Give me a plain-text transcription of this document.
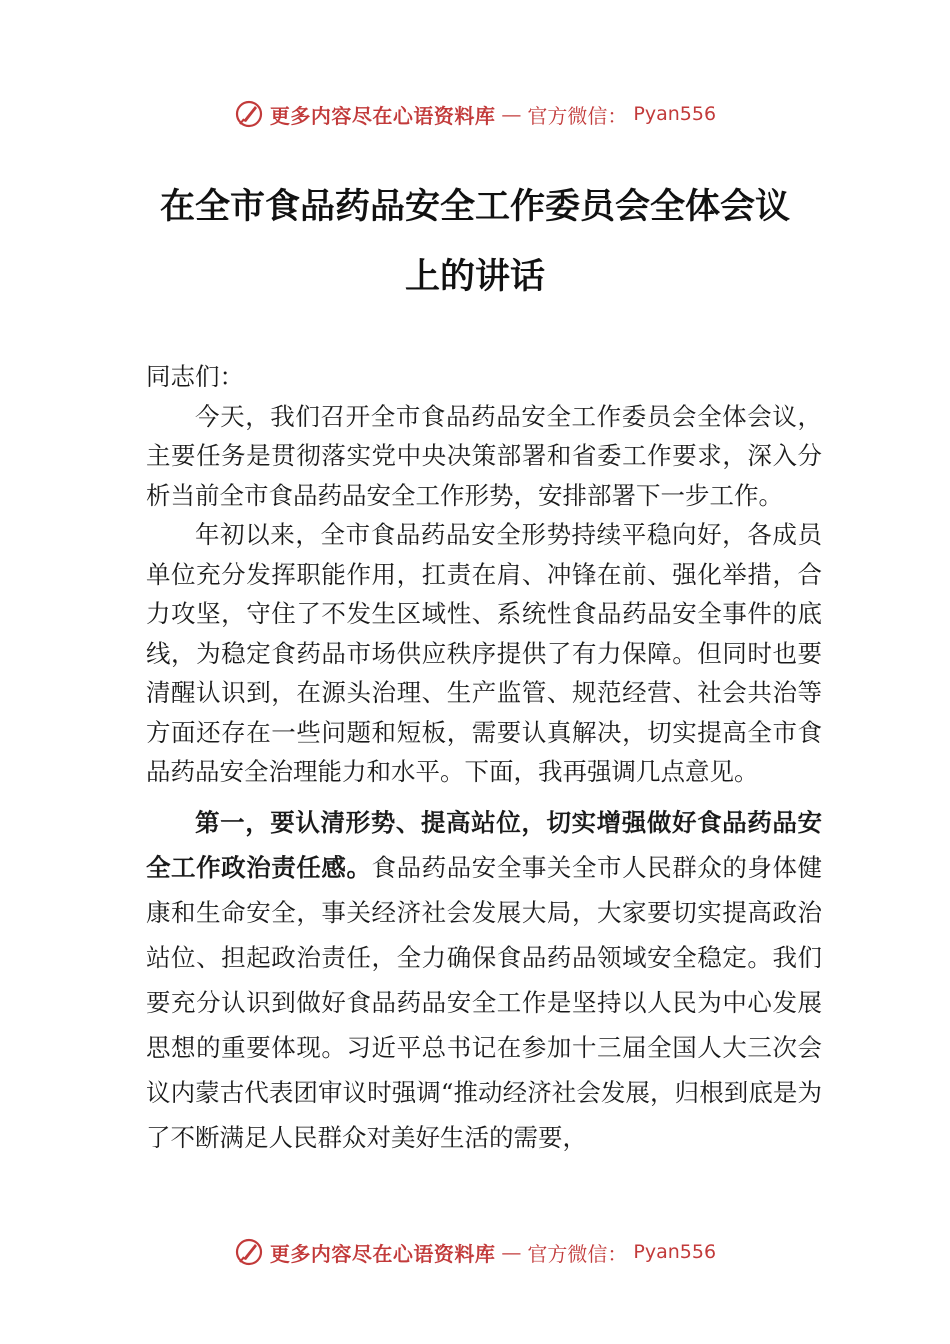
更多内容尽在心语资料库 — 官方微信： Pyan556
在全市食品药品安全工作委员会全体会议
上的讲话

同志们：

今天，我们召开全市食品药品安全工作委员会全体会议，主要任务是贯彻落实党中央决策部署和省委工作要求，深入分析当前全市食品药品安全工作形势，安排部署下一步工作。

年初以来，全市食品药品安全形势持续平稳向好，各成员单位充分发挥职能作用，扛责在肩、冲锋在前、强化举措，合力攻坚，守住了不发生区域性、系统性食品药品安全事件的底线，为稳定食药品市场供应秩序提供了有力保障。但同时也要清醒认识到，在源头治理、生产监管、规范经营、社会共治等方面还存在一些问题和短板，需要认真解决，切实提高全市食品药品安全治理能力和水平。下面，我再强调几点意见。

第一，要认清形势、提高站位，切实增强做好食品药品安全工作政治责任感。食品药品安全事关全市人民群众的身体健康和生命安全，事关经济社会发展大局，大家要切实提高政治站位、担起政治责任，全力确保食品药品领域安全稳定。我们要充分认识到做好食品药品安全工作是坚持以人民为中心发展思想的重要体现。习近平总书记在参加十三届全国人大三次会议内蒙古代表团审议时强调“推动经济社会发展，归根到底是为了不断满足人民群众对美好生活的需要，

更多内容尽在心语资料库 — 官方微信： Pyan556
